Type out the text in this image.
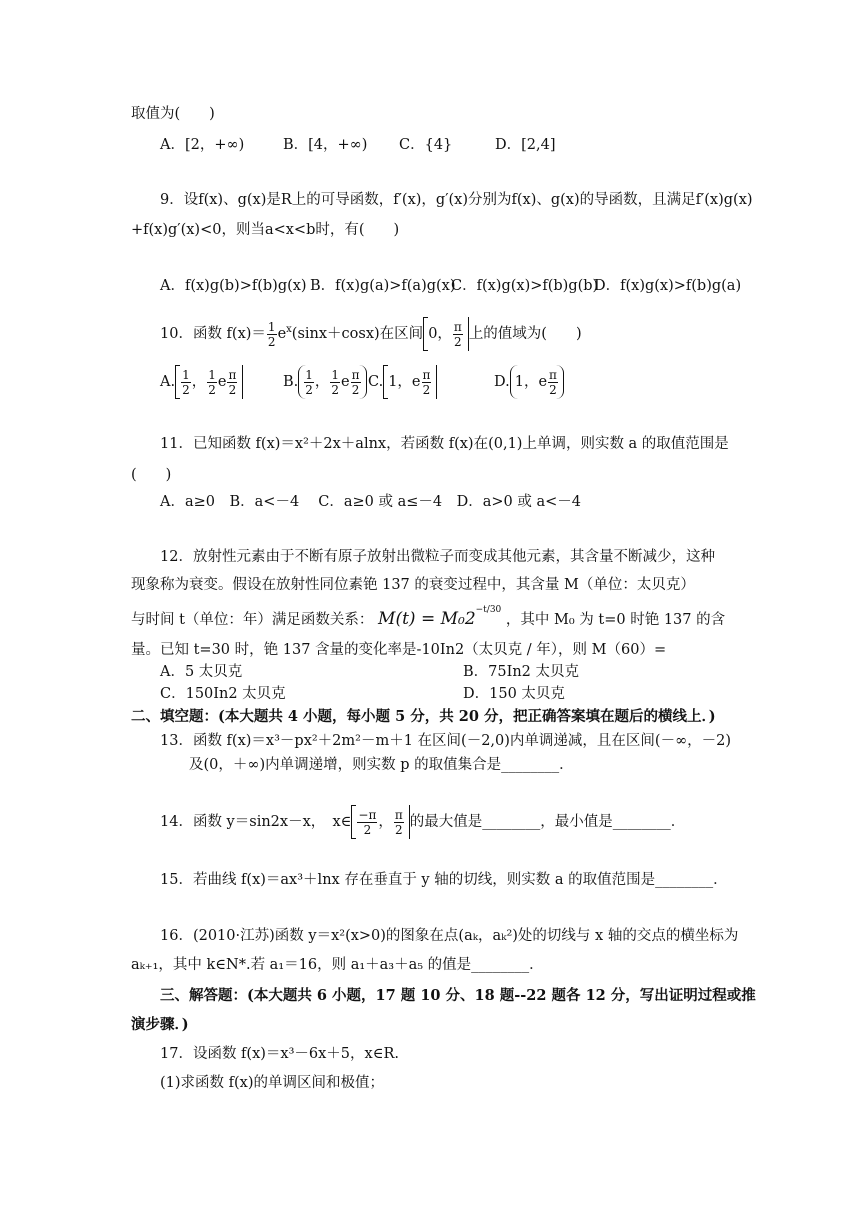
取值为(　　)
A．[2，+∞)	B．[4，+∞) C．{4}	D．[2,4]
9．设f(x)、g(x)是R上的可导函数，f′(x)，g′(x)分别为f(x)、g(x)的导函数，且满足f′(x)g(x)
+f(x)g′(x)<0，则当a<x<b时，有(　　)
A．f(x)g(b)>f(b)g(x) B．f(x)g(a)>f(a)g(x)
C．f(x)g(x)>f(b)g(b)
D．f(x)g(x)>f(b)g(a)
10．函数 $f(x)= \frac{1}{2} e^x(\sin x+\cos x)$在区间 0， $\frac{\pi}{2}$ 上的值域为(　　)
A. $\frac{1}{2}$ ， $\frac{1}{2}$ e $\frac{\pi}{2}$	B. $\frac{1}{2}$ ， $\frac{1}{2}$ e $\frac{\pi}{2} C$. 1，e $\frac{\pi}{2}$	D. 1，e $\frac{\pi}{2}$
11．已知函数 f(x)＝x²＋2x＋alnx，若函数 f(x)在(0,1)上单调，则实数 a 的取值范围是
(　　)
A．a≥0　B．a<－4　 C．a≥0 或 a≤－4　D．a>0 或 a<－4
12．放射性元素由于不断有原子放射出微粒子而变成其他元素，其含量不断减少，这种
现象称为衰变。假设在放射性同位素铯 137 的衰变过程中，其含量 M（单位：太贝克）
与时间 t（单位：年）满足函数关系： $M(t) = M_02^{-t/30}$ ，其中 M₀ 为 t=0 时铯 137 的含
量。已知 t=30 时，铯 137 含量的变化率是-10In2（太贝克 / 年），则 M（60）=
A．5 太贝克	B．75In2 太贝克
C．150In2 太贝克	D．150 太贝克
二、填空题：(本大题共 4 小题，每小题 5 分，共 20 分，把正确答案填在题后的横线上．)
13．函数 f(x)＝x³－px²＋2m²－m＋1 在区间(－2,0)内单调递减，且在区间(－∞，－2)
及(0，＋∞)内单调递增，则实数 p 的取值集合是________．
14．函数 y＝sin2x－x，　x∈ $\frac{-\pi}{2}$ ， $\frac{\pi}{2}$ 的最大值是________，最小值是________．
15．若曲线 f(x)＝ax³＋lnx 存在垂直于 y 轴的切线，则实数 a 的取值范围是________．
16．(2010·江苏)函数 y＝x²(x>0)的图象在点(aₖ，aₖ²)处的切线与 x 轴的交点的横坐标为
aₖ₊₁，其中 k∈N*.若 a₁＝16，则 a₁＋a₃＋a₅ 的值是________．
三、解答题：(本大题共 6 小题，17 题 10 分、18 题--22 题各 12 分，写出证明过程或推
演步骤．)
17．设函数 f(x)＝x³－6x＋5，x∈R.
(1)求函数 f(x)的单调区间和极值；
